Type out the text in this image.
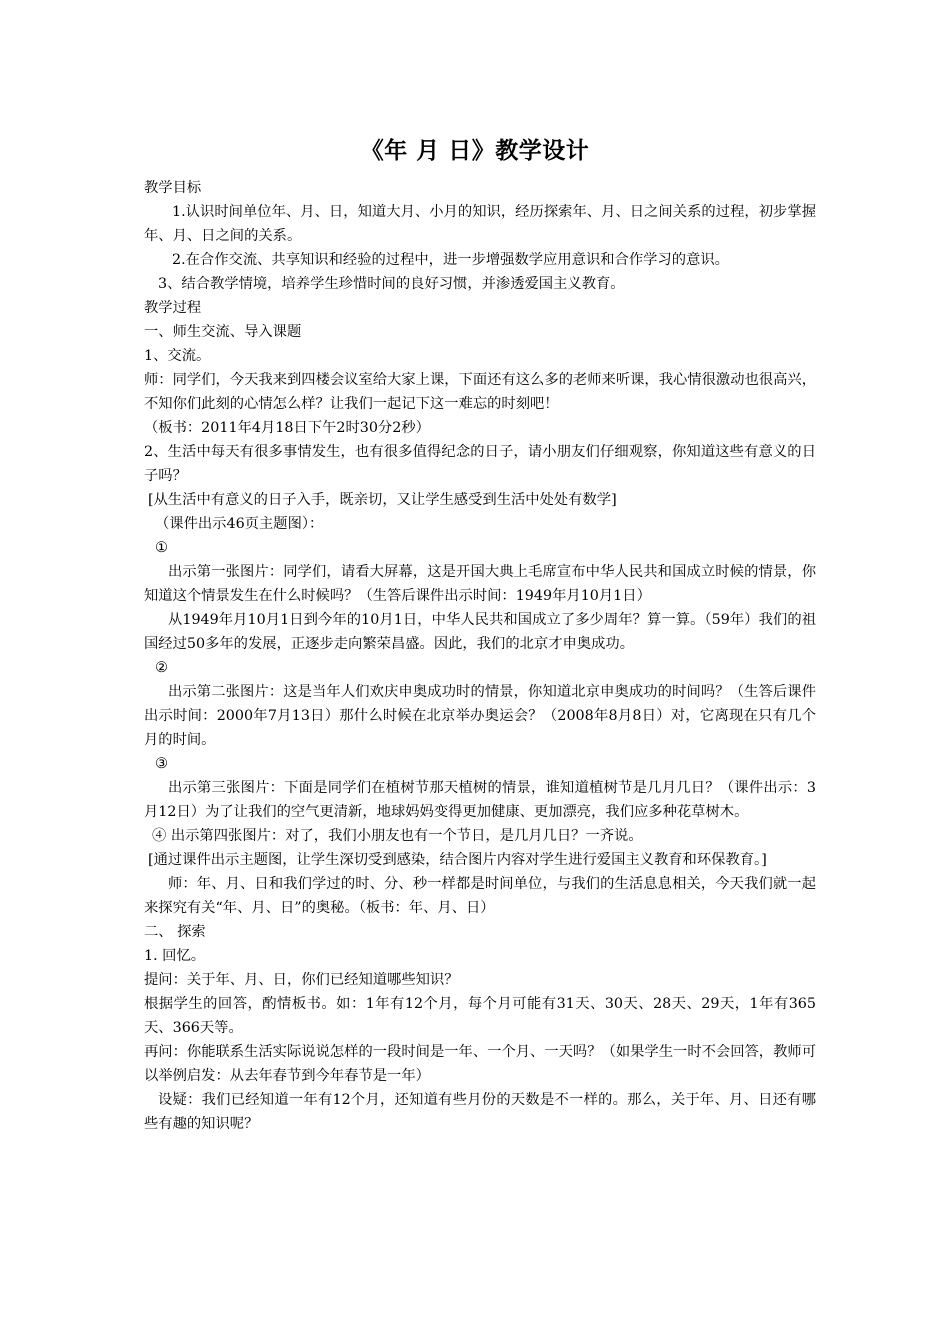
《年 月 日》教学设计

教学目标

1.认识时间单位年、月、日，知道大月、小月的知识，经历探索年、月、日之间关系的过程，初步掌握年、月、日之间的关系。

2.在合作交流、共享知识和经验的过程中，进一步增强数学应用意识和合作学习的意识。

3、结合教学情境，培养学生珍惜时间的良好习惯，并渗透爱国主义教育。

教学过程

一、师生交流、导入课题

1、交流。

师：同学们，今天我来到四楼会议室给大家上课，下面还有这么多的老师来听课，我心情很激动也很高兴，不知你们此刻的心情怎么样？让我们一起记下这一难忘的时刻吧！

（板书：2011年4月18日下午2时30分2秒）

2、生活中每天有很多事情发生，也有很多值得纪念的日子，请小朋友们仔细观察，你知道这些有意义的日子吗？

[从生活中有意义的日子入手，既亲切，又让学生感受到生活中处处有数学]

（课件出示46页主题图）：

①

出示第一张图片：同学们，请看大屏幕，这是开国大典上毛席宣布中华人民共和国成立时候的情景，你知道这个情景发生在什么时候吗？（生答后课件出示时间：1949年月10月1日）

从1949年月10月1日到今年的10月1日，中华人民共和国成立了多少周年？算一算。（59年）我们的祖国经过50多年的发展，正逐步走向繁荣昌盛。因此，我们的北京才申奥成功。

②

出示第二张图片：这是当年人们欢庆申奥成功时的情景，你知道北京申奥成功的时间吗？（生答后课件出示时间：2000年7月13日）那什么时候在北京举办奥运会？（2008年8月8日）对，它离现在只有几个月的时间。

③

出示第三张图片：下面是同学们在植树节那天植树的情景，谁知道植树节是几月几日？（课件出示：3月12日）为了让我们的空气更清新，地球妈妈变得更加健康、更加漂亮，我们应多种花草树木。

④ 出示第四张图片：对了，我们小朋友也有一个节日，是几月几日？一齐说。

[通过课件出示主题图，让学生深切受到感染，结合图片内容对学生进行爱国主义教育和环保教育。]

师：年、月、日和我们学过的时、分、秒一样都是时间单位，与我们的生活息息相关，今天我们就一起来探究有关“年、月、日”的奥秘。（板书：年、月、日）

二、 探索

1. 回忆。

提问：关于年、月、日，你们已经知道哪些知识？

根据学生的回答，酌情板书。如：1年有12个月，每个月可能有31天、30天、28天、29天，1年有365天、366天等。

再问：你能联系生活实际说说怎样的一段时间是一年、一个月、一天吗？（如果学生一时不会回答，教师可以举例启发：从去年春节到今年春节是一年）

设疑：我们已经知道一年有12个月，还知道有些月份的天数是不一样的。那么，关于年、月、日还有哪些有趣的知识呢？
